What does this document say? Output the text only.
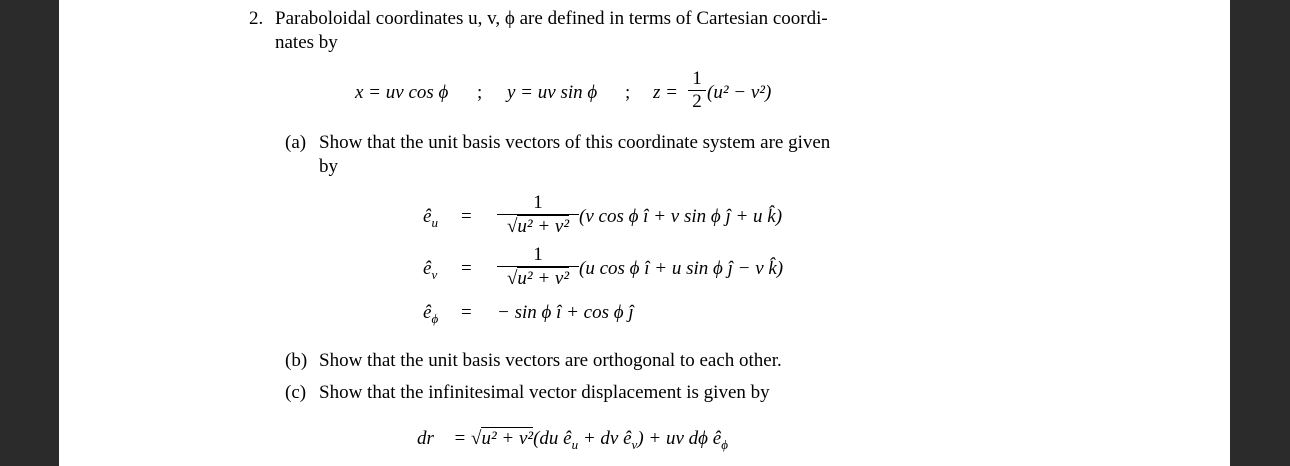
2. Paraboloidal coordinates u, v, ϕ are defined in terms of Cartesian coordi-
nates by
x = uv cos ϕ ; y = uv sin ϕ ; $z = \frac{1}{2} (u^2 - v^2)$
(a) Show that the unit basis vectors of this coordinate system are given
by
$ê_u = \frac{1}{\text{√u² + v²}} (v$ cos ϕ î + v sin ϕ ĵ + u k̂)
$ê_v = \frac{1}{\text{√u² + v²}} (u$ cos ϕ î + u sin ϕ ĵ − v k̂)
$ê_\phi$ = − sin ϕ î + cos ϕ ĵ
(b) Show that the unit basis vectors are orthogonal to each other.
(c) Show that the infinitesimal vector displacement is given by
dr⃗ = √u² + v²(du $ê_u$ + dv $ê_v$) + uv dϕ $ê_\phi$
